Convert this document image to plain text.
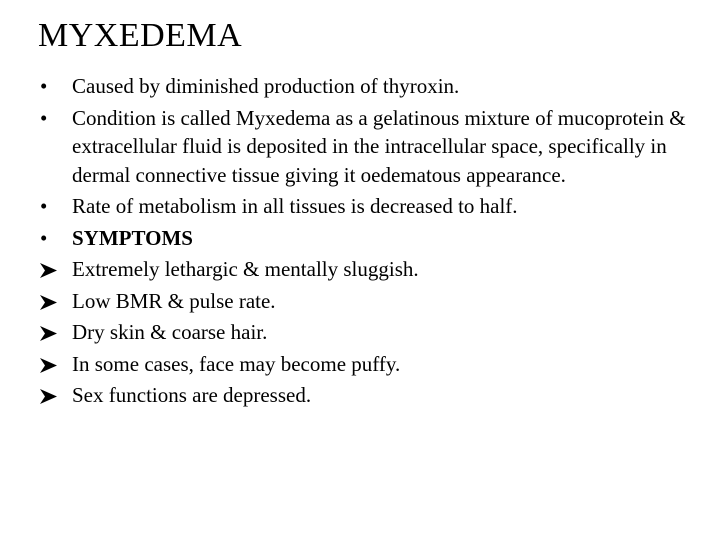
MYXEDEMA
•
Caused by diminished production of thyroxin.
•
Condition is called Myxedema as a gelatinous mixture of mucoprotein & extracellular fluid is deposited in the intracellular space, specifically in dermal connective tissue giving it oedematous appearance.
•
Rate of metabolism in all tissues is decreased to half.
•
SYMPTOMS
Extremely lethargic & mentally sluggish.
Low BMR & pulse rate.
Dry skin & coarse hair.
In some cases, face may become puffy.
Sex functions are depressed.
